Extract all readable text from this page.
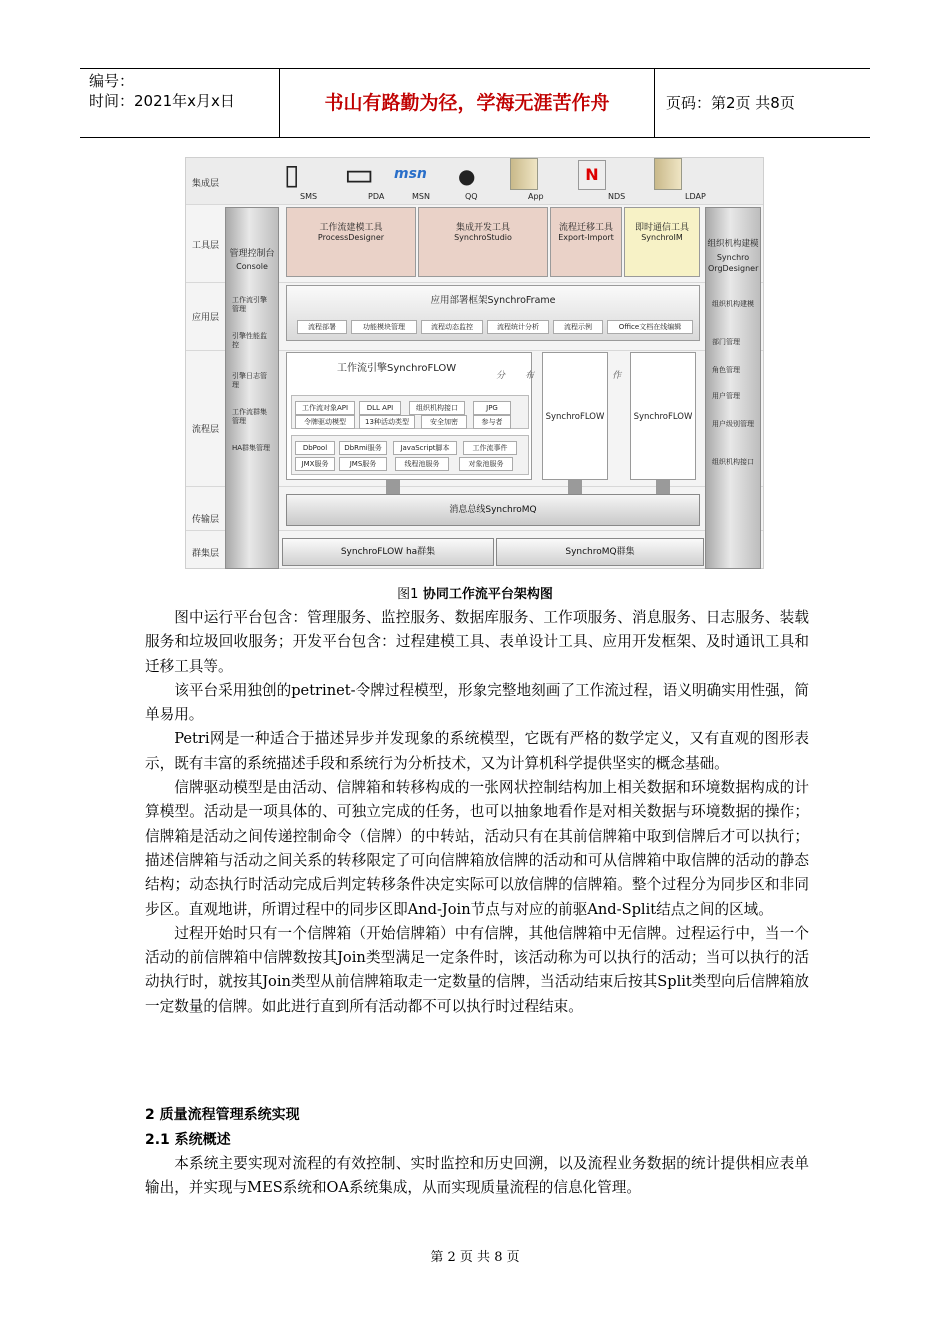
编号：
时间：2021年x月x日	书山有路勤为径，学海无涯苦作舟	页码：第2页 共8页
集成层 ▯
SMS
▭
PDA
msn
MSN
●
QQ	App
N
NDS	LDAP
工具层
应用层
流程层
传输层
群集层
管理控制台
Console
工作流引擎管理
引擎性能监控
引擎日志管理
工作流群集管理
HA群集管理
组织机构建模
Synchro OrgDesigner
组织机构建模
部门管理
角色管理
用户管理
用户级别管理
组织机构接口
工作流建模工具
ProcessDesigner
集成开发工具
SynchroStudio
流程迁移工具
Export-Import
即时通信工具
SynchroIM
应用部署框架SynchroFrame
流程部署	功能模块管理	流程动态监控	流程统计分析	流程示例	Office文档在线编辑
工作流引擎SynchroFLOW
工作流对象API	DLL API	组织机构接口	JPG
令牌驱动模型	13种活动类型	安全加密	参与者
DbPool	DbRmi服务	JavaScript脚本	工作流事件
JMX服务	JMS服务	线程池服务	对象池服务
分 布	作
SynchroFLOW	SynchroFLOW
消息总线SynchroMQ
SynchroFLOW ha群集	SynchroMQ群集
图1 协同工作流平台架构图

图中运行平台包含：管理服务、监控服务、数据库服务、工作项服务、消息服务、日志服务、装载服务和垃圾回收服务；开发平台包含：过程建模工具、表单设计工具、应用开发框架、及时通讯工具和迁移工具等。

该平台采用独创的petrinet-令牌过程模型，形象完整地刻画了工作流过程，语义明确实用性强，简单易用。

Petri网是一种适合于描述异步并发现象的系统模型，它既有严格的数学定义，又有直观的图形表示，既有丰富的系统描述手段和系统行为分析技术，又为计算机科学提供坚实的概念基础。

信牌驱动模型是由活动、信牌箱和转移构成的一张网状控制结构加上相关数据和环境数据构成的计算模型。活动是一项具体的、可独立完成的任务，也可以抽象地看作是对相关数据与环境数据的操作；信牌箱是活动之间传递控制命令（信牌）的中转站，活动只有在其前信牌箱中取到信牌后才可以执行；描述信牌箱与活动之间关系的转移限定了可向信牌箱放信牌的活动和可从信牌箱中取信牌的活动的静态结构；动态执行时活动完成后判定转移条件决定实际可以放信牌的信牌箱。整个过程分为同步区和非同步区。直观地讲，所谓过程中的同步区即And-Join节点与对应的前驱And-Split结点之间的区域。

过程开始时只有一个信牌箱（开始信牌箱）中有信牌，其他信牌箱中无信牌。过程运行中，当一个活动的前信牌箱中信牌数按其Join类型满足一定条件时，该活动称为可以执行的活动；当可以执行的活动执行时，就按其Join类型从前信牌箱取走一定数量的信牌，当活动结束后按其Split类型向后信牌箱放一定数量的信牌。如此进行直到所有活动都不可以执行时过程结束。

2 质量流程管理系统实现
2.1 系统概述

本系统主要实现对流程的有效控制、实时监控和历史回溯，以及流程业务数据的统计提供相应表单输出，并实现与MES系统和OA系统集成，从而实现质量流程的信息化管理。

第 2 页 共 8 页
